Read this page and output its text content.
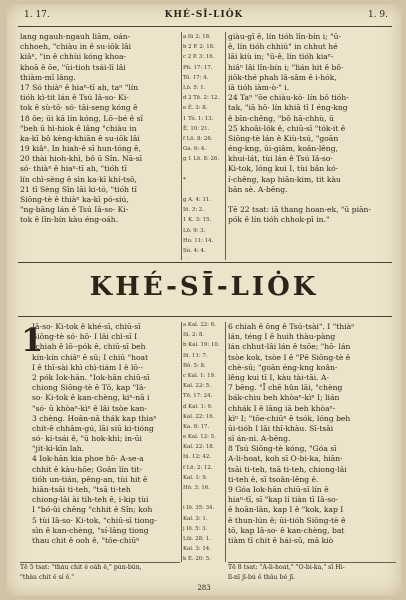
1. 17.	KHÉ-SĪ-LIȮK	1. 9.
lang ngauh-ngauh liām, oán-
chhoeh, "chiàu in ê su-iōk lâi
kiâⁿ, "in ê chhùi kóng khoa-
khoā ê ōe, "ūi-tioh tsái-lī lâi
thiàm-mī lâng.
17 Só thiàⁿ ê hiaⁿ-tī ah, taⁿ "lín
tióh kì-tit lán ê Tsú Iâ-so· Ki-
tok ê sù-tō· só· tāi-seng kóng ê
18 ōe; ūi kā lín kóng, Lō·-bé ê sî
"beh ū hì-hiok ê lâng "chiàu in
ka-kī bô kèng-khiān ê su-iōk lâi
19 kiâⁿ. In hiah-ê sī hun-tóng ê,
20 thài hioh-khì, bô ū Sîn. Nā-sī
só· thiàⁿ ê hiaⁿ-tī ah, "tióh tī
lín chì-sèng ê sìn ka-kī khí-tsō,
21 tī Sèng Sîn lāi ki-tó, "tióh tī
Siōng-tè ê thiàⁿ ka-kī pó-siú,
"ng-bāng lán ê Tsú Iâ-so· Ki-
tok ê lîn-bín kàu éng-oáh.
a Iū 2: 18.
b 2 P. 2: 18.
c 2 P. 3: 16.
Ph. 17: 17.
Tó. 17: 4.
Lō. 5: 1.
d 2 Tē. 2: 12.
e Ê. 3: 8.
1 Tó. 1: 13.
Ê. 10: 21.
f Lō. 8: 26.
Ga. 6: 4.
g 1 Lō. 8: 26.
*
g A. 4: 11.
Iō. 3: 2.
1 K. 3: 15.
Lō. 9: 3.
Ho. 11: 14.
Sù. 4: 4.
giàu-gī ê, lín tióh lîn-bín i; "ū-
ê, lín tióh chhiú" in chhut hé
lāi kiù in; "ū-ê, lín tióh kiaⁿ-
hiâⁿ lâi lîn-bín i; "lián hit ê bô·
jiōk-thé phah lâ-sâm ê i-hók,
iā tióh iàm-ò·" i.
24 Taⁿ "ōe chiàu-kò· lín bô tióh-
tak, "iā hō· lín khiā tī I éng-kng
ê bīn-chêng, "bô hā-chhù, ū
25 khoâi-lók ê, chiū-sī "tók-it ê
Siōng-tè lán ê Kiù-tsú, "goān
éng-kng, ūi-giâm, koân-lêng,
khui-lát, tùi lán ê Tsú Iâ-so·
Ki-tok, lóng kui I, tùi bân kó·
í-chêng, kap hiān-kim, tit kàu
bān sè. A-bēng.
Tē 22 tsat: iā thang hoan-ek, "ū piān-
pók ê lín tióh chhok-pī in."
KHÉ-SĪ-LIȮK
1
Iâ-so· Ki-tok ê khé-sī, chiū-sī
Siōng-tè só· hō· I lâi chì-sī I
"chiah ê lō·-pók ê, chiū-sī beh
kín-kín chiâⁿ ê sū; I chiū "hoat
I ê thī-sài khì chì-tiám I ê lō·-
2 pók Iok-hān. "Iok-hān chiū-sī
chiong Siōng-tè ê Tō, kap "Iâ-
so· Ki-tok ê kan-chèng, kiⁿ-nā i
"só· ū khòaⁿ-kìⁿ ê lâi tsòe kan-
3 chèng. Hoân-nā thák kap thiaⁿ
chit-ê chhâm-gú, lāi siū ki-tióng
só· ki-tsái ê, "ū hok-khì; in-ūi
"jit-kì-kīn lah.
4 Iok-hān kia phoe hō· A-se-a
chhit ê kàu-hōe; Goân lín tit-
tióh un-tián, pêng-an, tùi hit ê
hiān-tsāi ti-teh, "tsā ti-teh
chiong-lâi ài tih-teh ê, i-kip tùi
I "bó-ûi chêng "chhit ê Sîn; koh
5 tùi Iâ-so· Ki-tok, "chiū-sī tiong-
sìn ê kan-chèng, "sí-lâng tiong
thau chit ê ooh ê, "tōe-chiūⁿ
a Kal. 22: 6.
Iū. 2: 8.
b Kal. 19: 10.
Iū. 11: 7.
Bô. 5: 8.
c Kal. 1: 19.
Kal. 22: 5.
Tō. 17: 24.
d Kal. 1: 9.
Kal. 22: 16.
Ka. 8: 17.
e Kal. 12: 5.
Kal. 22: 18.
Iū. 12: 42.
f Lō. 2: 12.
Kal. 1: 9.
Hō. 3: 16.
i Iō. 35: 34.
Kal. 3: 1.
j Iō. 5: 3.
Lūi. 28: 1.
Kal. 3: 14.
k Ė. 20: 5.
6 chiah ê ông ê Tsú-tsài". I "thiàⁿ
lán, téng I ê huih thàu-pàng
lán chhut-lâi lán ê tsōe; "hō· lán
tsòe kok, tsòe I ê "Pē Siōng-tè ê
chè-sū; "goān éng-kng koân-
lêng kui tī I, kàu tài-tāi. A-
7 bēng. "Ī chē hûn lāi, "chèng
bák-chiu beh khòaⁿ-kìⁿ I; lián
chhák I ê lâng iā beh khòaⁿ-
kìⁿ I; "tōe-chiūⁿ ê tsók, lóng beh
ūi-tióh I lâi thî-khàu. Sī-tsāi
sī án-ni. A-bēng.
8 Tsú Siōng-tè kóng, "Góa sī
A-li-hoat, koh sī O-bi-ka, hiān-
tsāi ti-teh, tsā ti-teh, chiong-lâi
ti-teh ê, sī tsoân-lêng ê.
9 Góa Iok-hān chiū-sī lín ê
hiaⁿ-tī, sī "kap lí tiàn tī Iâ-so·
ê hoān-lān, kap I ê "kok, kap I
ê thun-lún ê; ūi-tióh Siōng-tè ê
tō, kap Iâ-so· ê kan-chèng, bat
tiàm tī chit ê hái-sū, mā kiò
Tē 5 tsat: "thàu chit ê oâh ê," pún-bûn,
"thàu chit ê sí ê."
Tē 8 tsat: "A-li-hoat," "O-bi-ka," sī Hi-
lī-nī jī-bú ê thâu bé jī.
283
